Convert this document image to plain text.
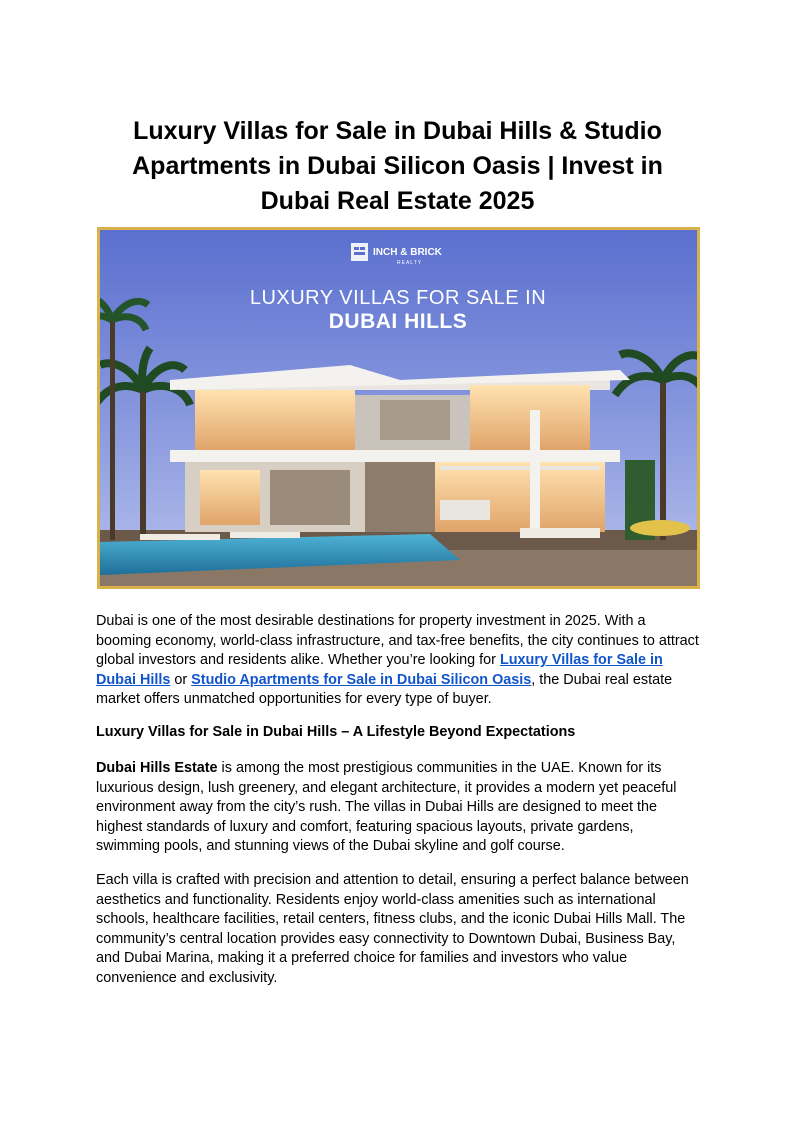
Luxury Villas for Sale in Dubai Hills & Studio Apartments in Dubai Silicon Oasis | Invest in Dubai Real Estate 2025
INCH & BRICK
REALTY
LUXURY VILLAS FOR SALE IN
DUBAI HILLS

Dubai is one of the most desirable destinations for property investment in 2025. With a booming economy, world-class infrastructure, and tax-free benefits, the city continues to attract global investors and residents alike. Whether you’re looking for Luxury Villas for Sale in Dubai Hills or Studio Apartments for Sale in Dubai Silicon Oasis, the Dubai real estate market offers unmatched opportunities for every type of buyer.

Luxury Villas for Sale in Dubai Hills – A Lifestyle Beyond Expectations

Dubai Hills Estate is among the most prestigious communities in the UAE. Known for its luxurious design, lush greenery, and elegant architecture, it provides a modern yet peaceful environment away from the city’s rush. The villas in Dubai Hills are designed to meet the highest standards of luxury and comfort, featuring spacious layouts, private gardens, swimming pools, and stunning views of the Dubai skyline and golf course.

Each villa is crafted with precision and attention to detail, ensuring a perfect balance between aesthetics and functionality. Residents enjoy world-class amenities such as international schools, healthcare facilities, retail centers, fitness clubs, and the iconic Dubai Hills Mall. The community’s central location provides easy connectivity to Downtown Dubai, Business Bay, and Dubai Marina, making it a preferred choice for families and investors who value convenience and exclusivity.
